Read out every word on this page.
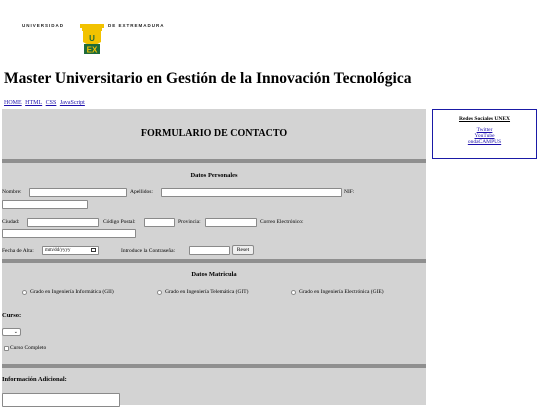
UNIVERSIDAD
U
EX
DE EXTREMADURA
Master Universitario en Gestión de la Innovación Tecnológica
HOME HTML CSS JavaScript
FORMULARIO DE CONTACTO
Datos Personales
Nombre:	Apellidos:	NIF:
Ciudad:	Código Postal:	Provincia:	Correo Electrónico:
Fecha de Alta:	mm/dd/yyyy	Introduce la Contraseña:	Reset
Datos Matricula
Grado en Ingeniería Informática (GII)	Grado en Ingeniería Telemática (GIT)	Grado en Ingeniería Electrónica (GIE)
Curso:
⌄
Curso Completo
Información Adicional:
Redes Sociales UNEX
Twitter
YouTube
ondaCAMPUS
